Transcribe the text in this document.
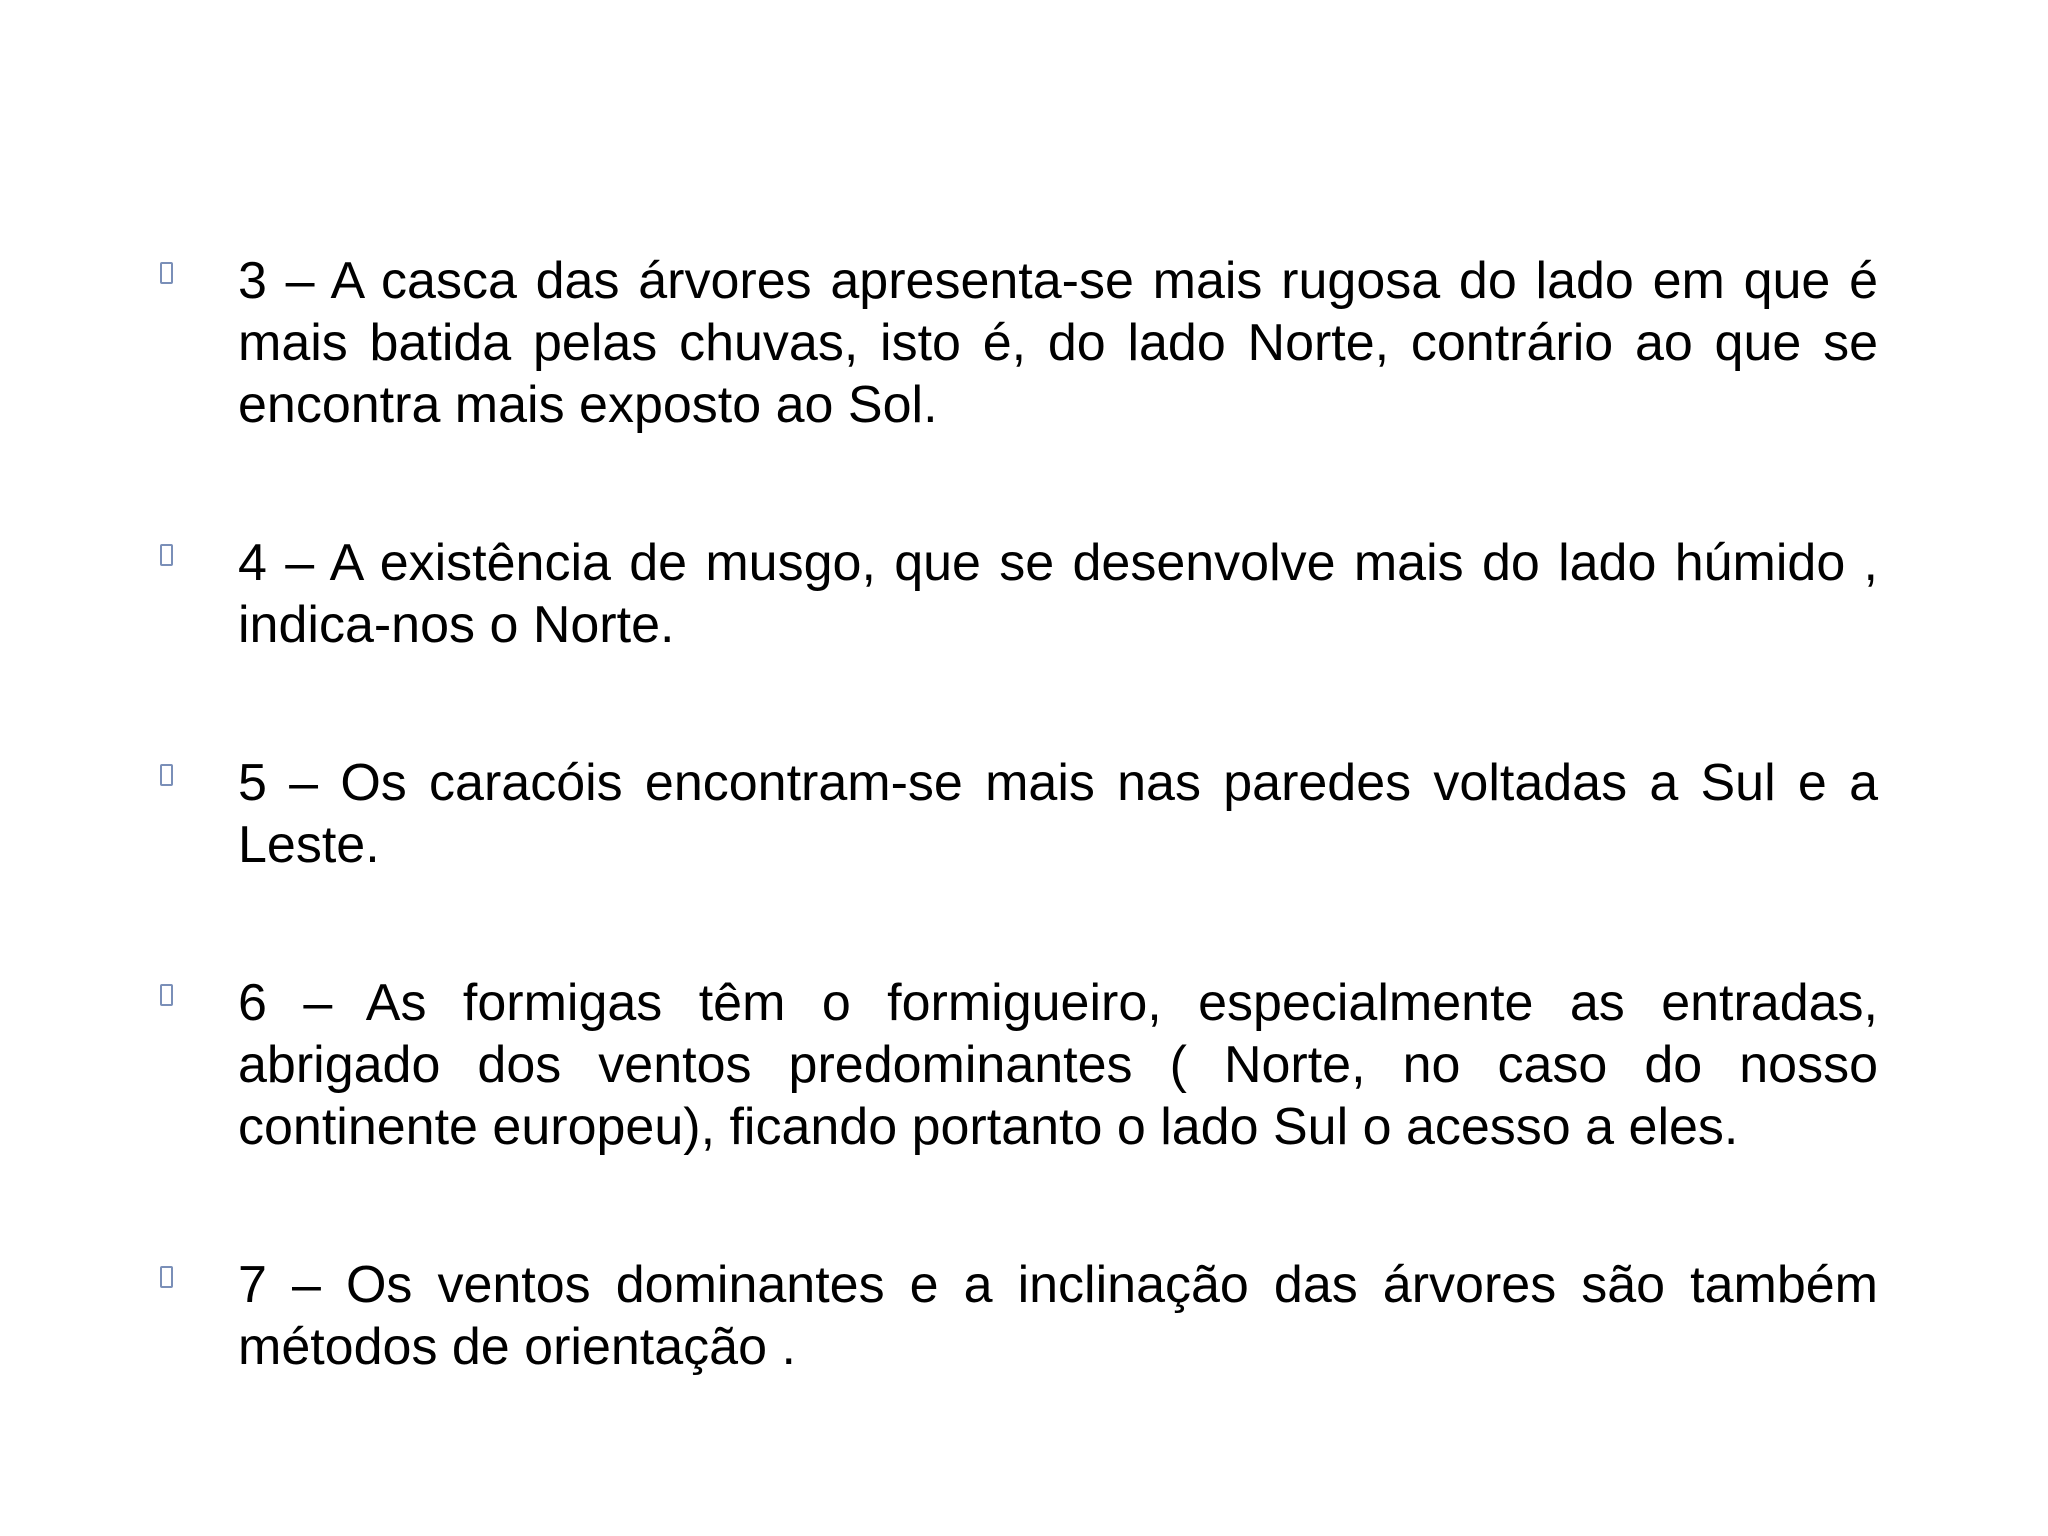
3 – A casca das árvores apresenta-se mais rugosa do lado em que é mais batida pelas chuvas, isto é, do lado Norte, contrário ao que se encontra mais exposto ao Sol.
4 – A existência de musgo, que se desenvolve mais do lado húmido , indica-nos o Norte.
5 – Os caracóis encontram-se mais nas paredes voltadas a Sul e a Leste.
6 – As formigas têm o formigueiro, especialmente as entradas, abrigado dos ventos predominantes ( Norte, no caso do nosso continente europeu), ficando portanto o lado Sul o acesso a eles.
7 – Os ventos dominantes e a inclinação das árvores são também métodos de orientação .
